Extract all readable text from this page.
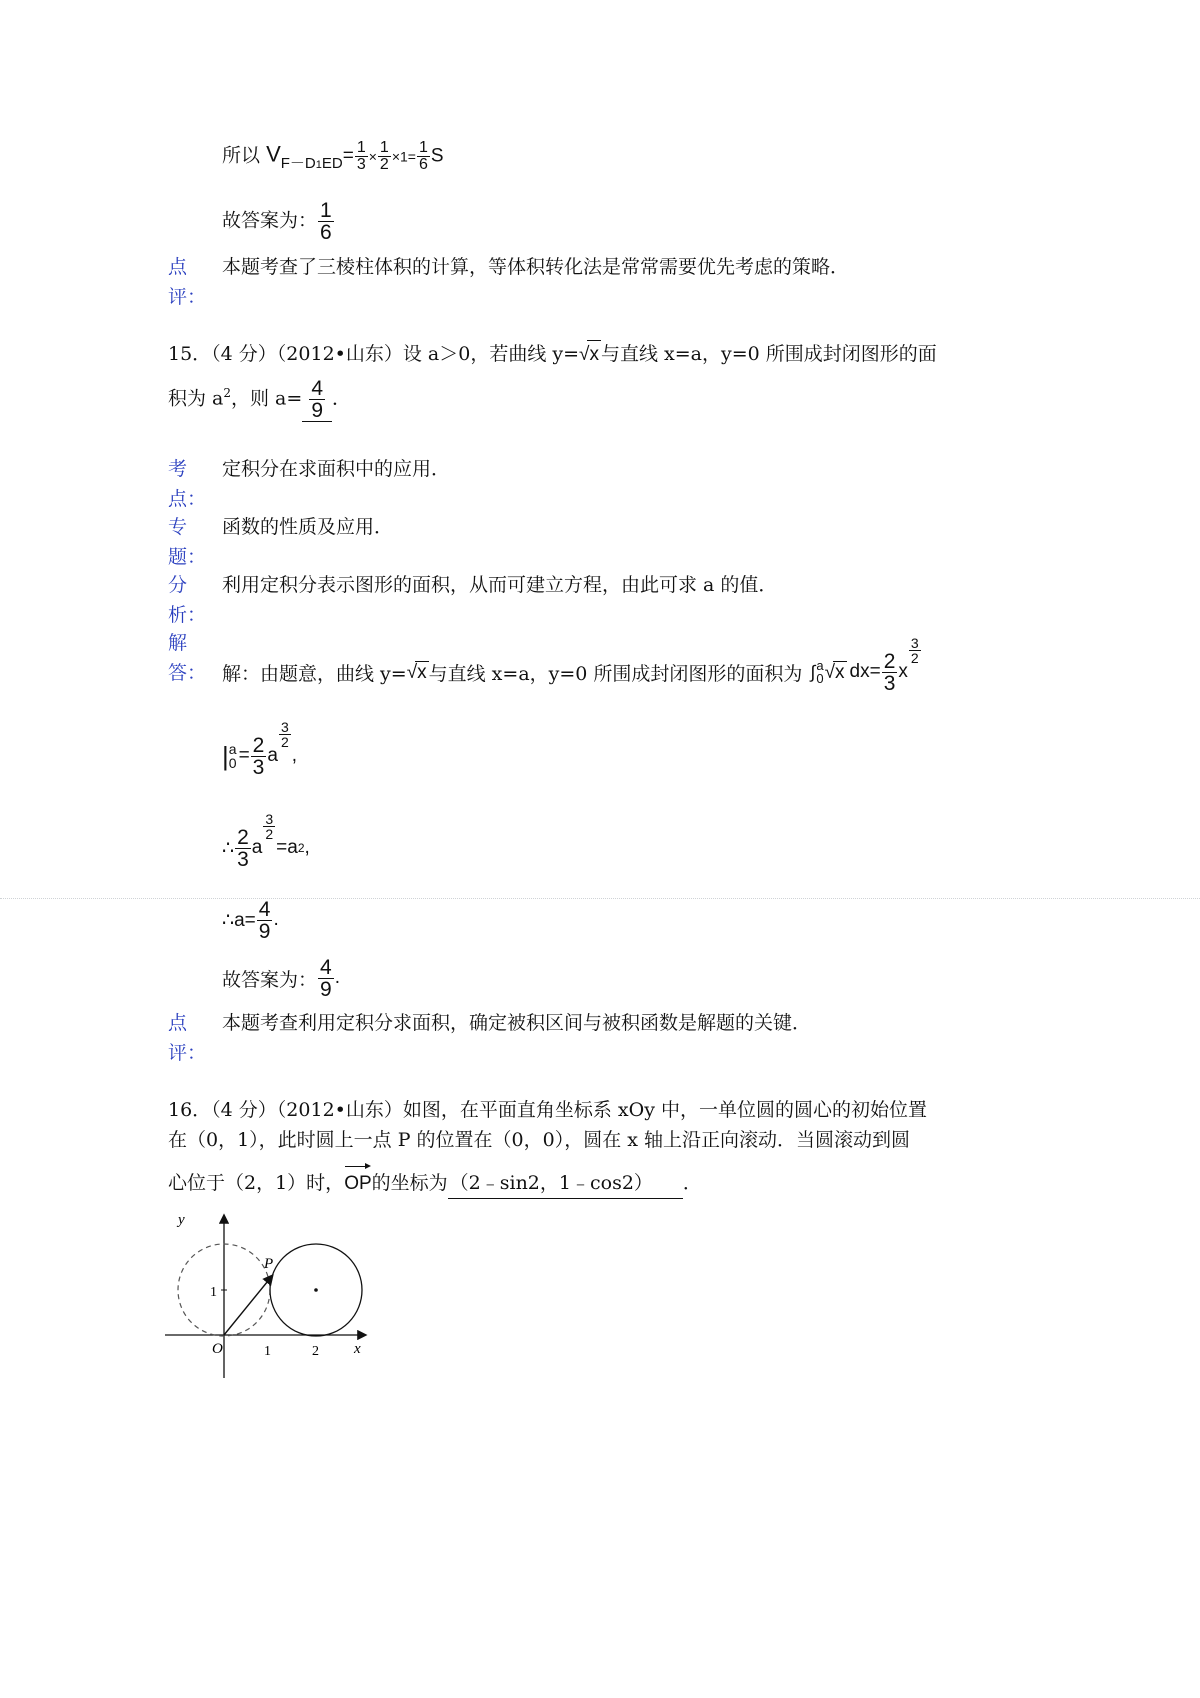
所以 $V_{F-D1ED}= \frac{1}{3} \times \frac{1}{2} \times 1= \frac{1}{6}$ S
故答案为： $\frac{1}{6}$
点
评：
本题考查了三棱柱体积的计算，等体积转化法是常常需要优先考虑的策略．
15．（4 分）（2012•山东）设 a＞0，若曲线 y=√x 与直线 x=a，y=0 所围成封闭图形的面
积为 $a^2$，则 $a= \frac{4}{9}$ ．
考
点：
定积分在求面积中的应用．
专
题：
函数的性质及应用．
分
析：
利用定积分表示图形的面积，从而可建立方程，由此可求 a 的值．
解
答： 解：由题意，曲线 y= √x 与直线 x=a，y=0 所围成封闭图形的面积为 ∫ a
0 √x $dx= \frac{2}{3}$ x
$\frac{3}{2}$
| a
$0 = \frac{2}{3}$ a
$\frac{3}{2}$
,
∴ $\frac{2}{3}$ a
$\frac{3}{2}$
=a 2 ,
∴a= $\frac{4}{9}$ .
故答案为： $\frac{4}{9}$ .
点
评：
本题考查利用定积分求面积，确定被积区间与被积函数是解题的关键．
16．（4 分）（2012•山东）如图，在平面直角坐标系 xOy 中，一单位圆的圆心的初始位置
在（0，1），此时圆上一点 P 的位置在（0，0），圆在 x 轴上沿正向滚动．当圆滚动到圆
心位于（2，1）时，OP的坐标为 （2﹣sin2，1﹣cos2） ．
y
O	x
P
1
1	2
